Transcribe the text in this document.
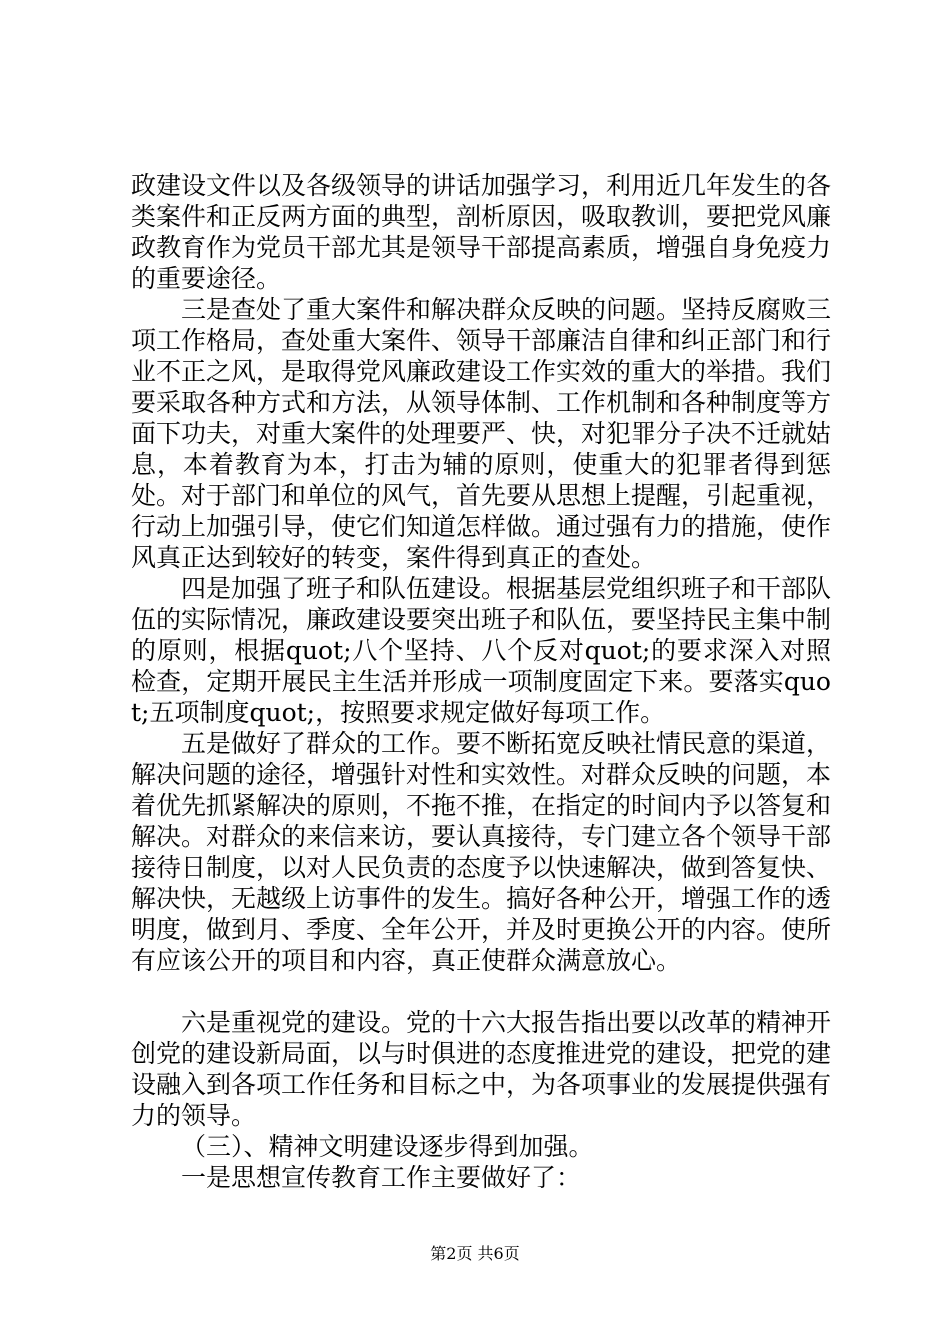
政建设文件以及各级领导的讲话加强学习，利用近几年发生的各类案件和正反两方面的典型，剖析原因，吸取教训，要把党风廉政教育作为党员干部尤其是领导干部提高素质，增强自身免疫力的重要途径。

三是查处了重大案件和解决群众反映的问题。坚持反腐败三项工作格局，查处重大案件、领导干部廉洁自律和纠正部门和行业不正之风，是取得党风廉政建设工作实效的重大的举措。我们要采取各种方式和方法，从领导体制、工作机制和各种制度等方面下功夫，对重大案件的处理要严、快，对犯罪分子决不迁就姑息，本着教育为本，打击为辅的原则，使重大的犯罪者得到惩处。对于部门和单位的风气，首先要从思想上提醒，引起重视，行动上加强引导，使它们知道怎样做。通过强有力的措施，使作风真正达到较好的转变，案件得到真正的查处。

四是加强了班子和队伍建设。根据基层党组织班子和干部队伍的实际情况，廉政建设要突出班子和队伍，要坚持民主集中制的原则，根据quot;八个坚持、八个反对quot;的要求深入对照检查，定期开展民主生活并形成一项制度固定下来。要落实quot;五项制度quot;，按照要求规定做好每项工作。

五是做好了群众的工作。要不断拓宽反映社情民意的渠道，解决问题的途径，增强针对性和实效性。对群众反映的问题，本着优先抓紧解决的原则，不拖不推，在指定的时间内予以答复和解决。对群众的来信来访，要认真接待，专门建立各个领导干部接待日制度，以对人民负责的态度予以快速解决，做到答复快、解决快，无越级上访事件的发生。搞好各种公开，增强工作的透明度，做到月、季度、全年公开，并及时更换公开的内容。使所有应该公开的项目和内容，真正使群众满意放心。

六是重视党的建设。党的十六大报告指出要以改革的精神开创党的建设新局面，以与时俱进的态度推进党的建设，把党的建设融入到各项工作任务和目标之中，为各项事业的发展提供强有力的领导。

（三）、精神文明建设逐步得到加强。

一是思想宣传教育工作主要做好了：

第2页 共6页
